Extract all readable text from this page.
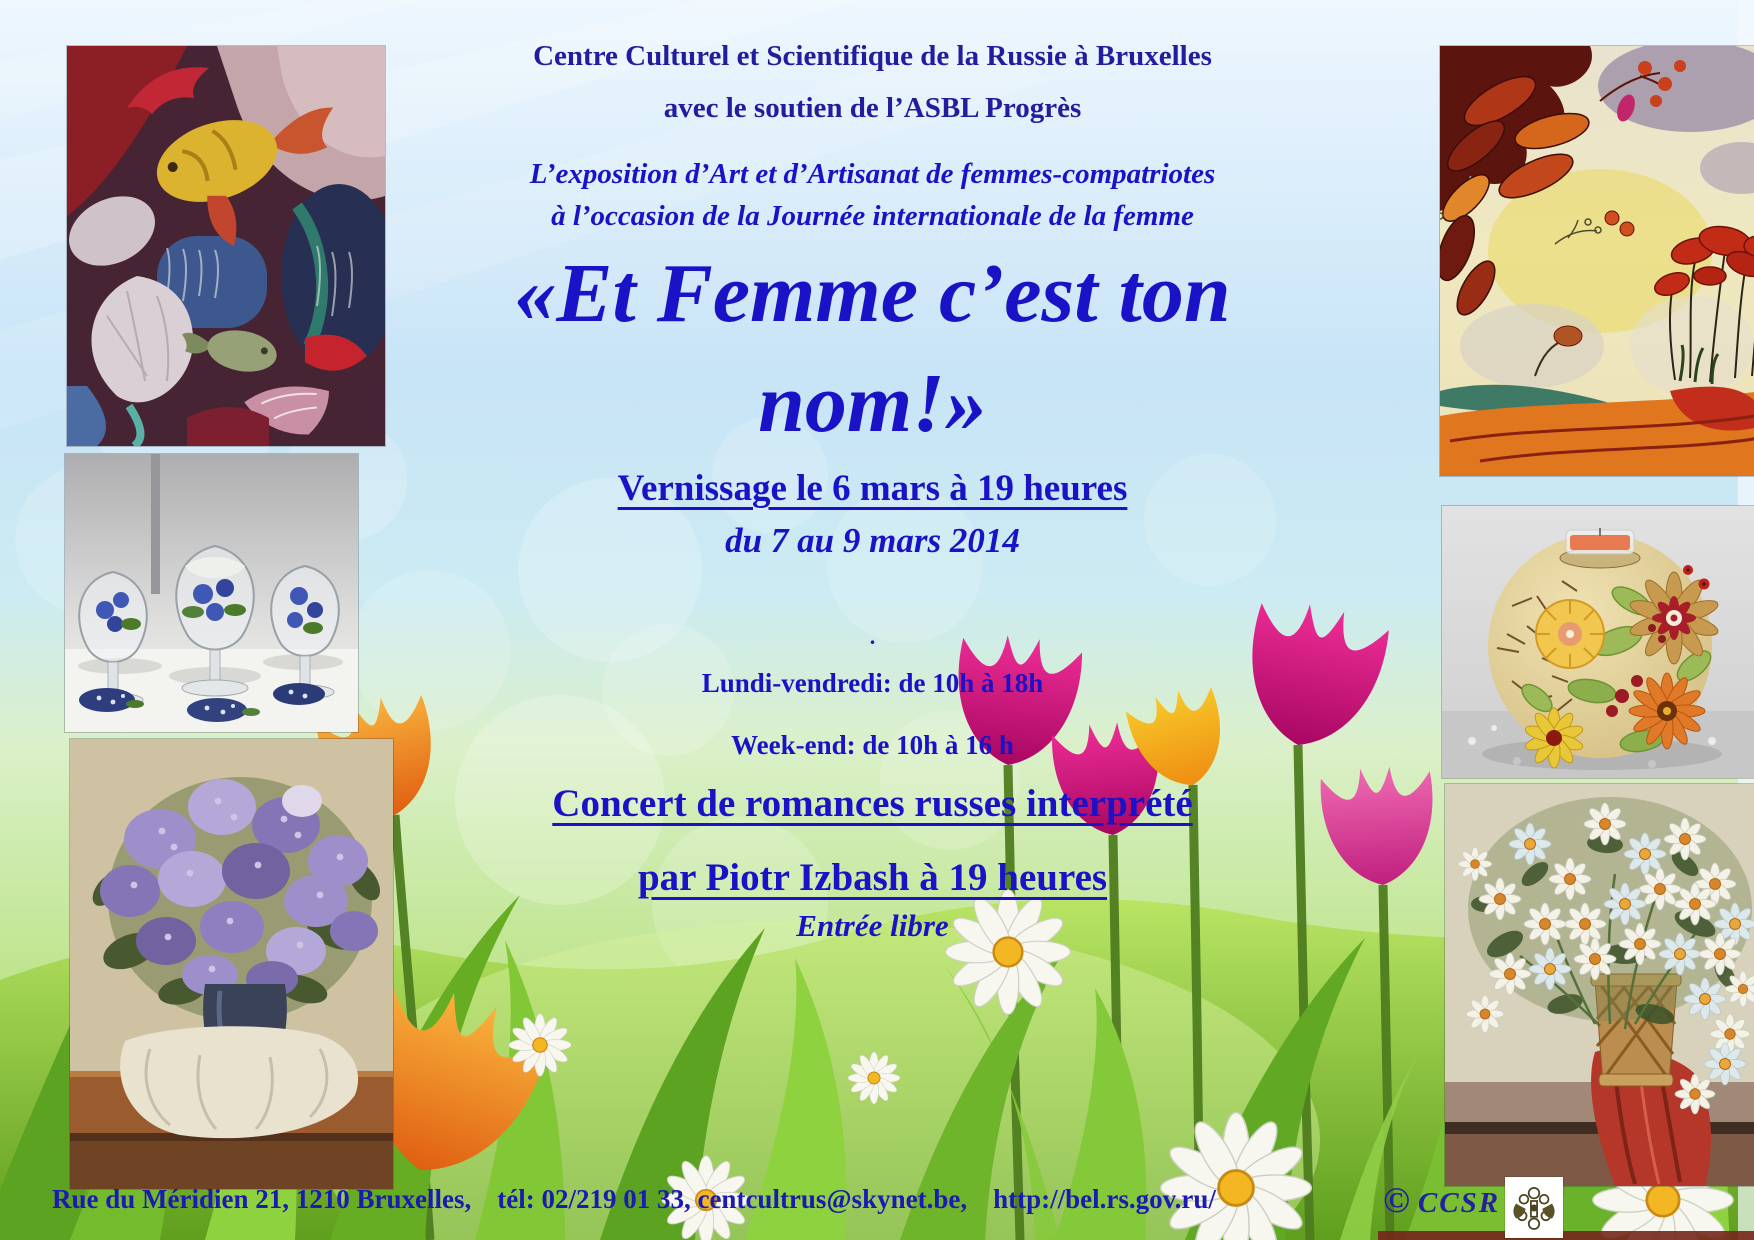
Centre Culturel et Scientifique de la Russie à Bruxelles
avec le soutien de l’ASBL Progrès
L’exposition d’Art et d’Artisanat de femmes-compatriotes
à l’occasion de la Journée internationale de la femme
«Et Femme c’est ton
nom!»
Vernissage le 6 mars à 19 heures
du 7 au 9 mars 2014
.
Lundi-vendredi: de 10h à 18h
Week-end: de 10h à 16 h
Concert de romances russes interprété
par Piotr Izbash à 19 heures
Entrée libre
Rue du Méridien 21, 1210 Bruxelles, tél: 02/219 01 33, centcultrus@skynet.be, http://bel.rs.gov.ru/	© CCSR
